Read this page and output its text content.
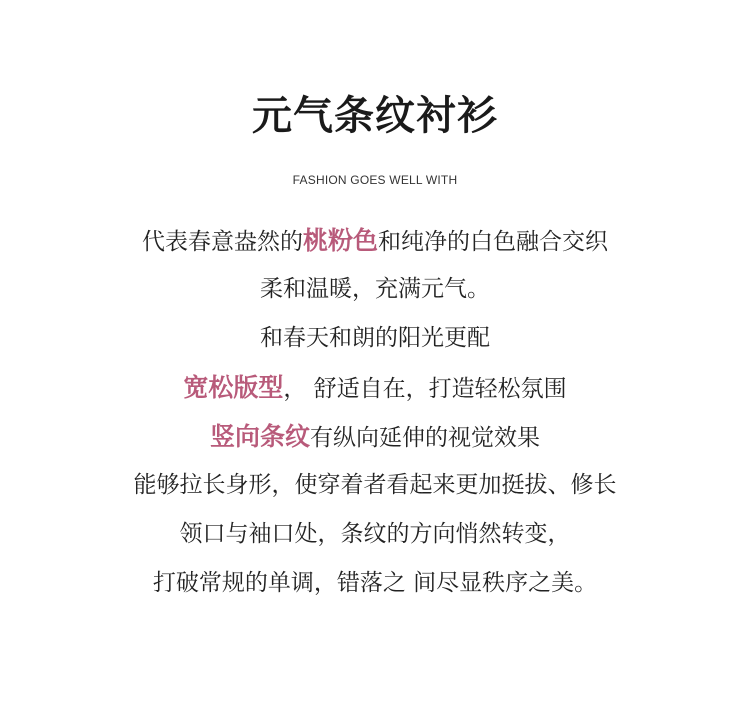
元气条纹衬衫
FASHION GOES WELL WITH
代表春意盎然的桃粉色和纯净的白色融合交织
柔和温暖，充满元气。
和春天和朗的阳光更配
宽松版型， 舒适自在，打造轻松氛围
竖向条纹有纵向延伸的视觉效果
能够拉长身形，使穿着者看起来更加挺拔、修长
领口与袖口处，条纹的方向悄然转变，
打破常规的单调，错落之 间尽显秩序之美。
